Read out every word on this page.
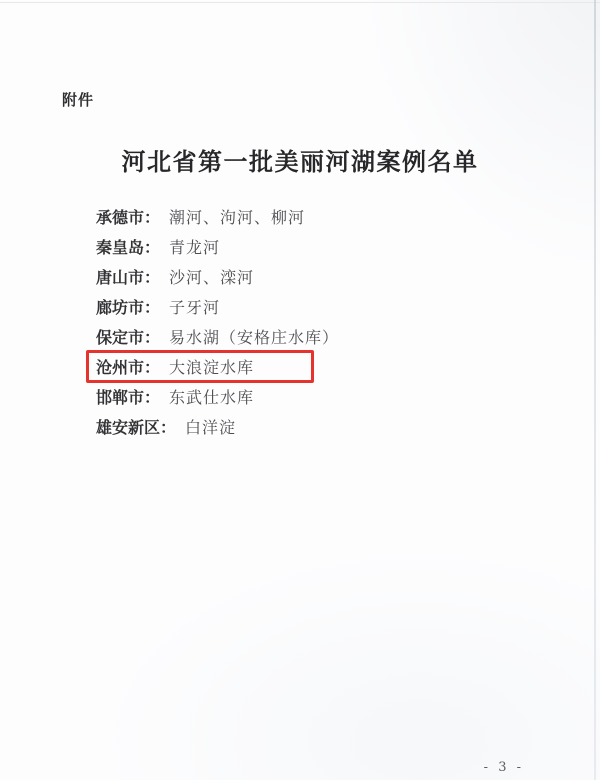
附件
河北省第一批美丽河湖案例名单
承德市： 潮河、泃河、柳河
秦皇岛： 青龙河
唐山市： 沙河、滦河
廊坊市： 子牙河
保定市： 易水湖（安格庄水库）
沧州市： 大浪淀水库
邯郸市： 东武仕水库
雄安新区： 白洋淀
- 3 -
